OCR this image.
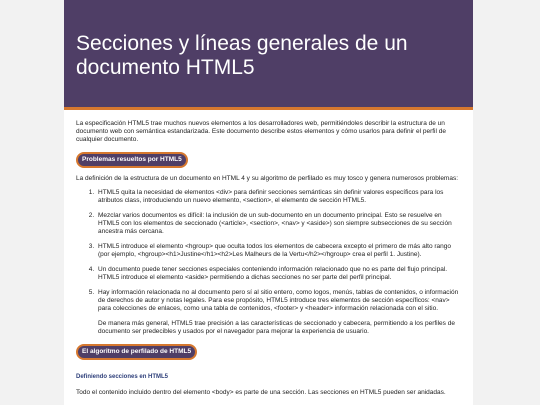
Secciones y líneas generales de un documento HTML5

La especificación HTML5 trae muchos nuevos elementos a los desarrolladores web, permitiéndoles describir la estructura de un documento web con semántica estandarizada. Este documento describe estos elementos y cómo usarlos para definir el perfil de cualquier documento.

Problemas resueltos por HTML5

La definición de la estructura de un documento en HTML 4 y su algoritmo de perfilado es muy tosco y genera numerosos problemas:

1. HTML5 quita la necesidad de elementos <div> para definir secciones semánticas sin definir valores específicos para los atributos class, introduciendo un nuevo elemento, <section>, el elemento de sección HTML5.
2. Mezclar varios documentos es difícil: la inclusión de un sub-documento en un documento principal. Esto se resuelve en HTML5 con los elementos de seccionado (<article>, <section>, <nav> y <aside>) son siempre subsecciones de su sección ancestra más cercana.
3. HTML5 introduce el elemento <hgroup> que oculta todos los elementos de cabecera excepto el primero de más alto rango (por ejemplo, <hgroup><h1>Justine</h1><h2>Les Malheurs de la Vertu</h2></hgroup> crea el perfil 1. Justine).
4. Un documento puede tener secciones especiales conteniendo información relacionado que no es parte del flujo principal. HTML5 introduce el elemento <aside> permitiendo a dichas secciones no ser parte del perfil principal.
5. Hay información relacionada no al documento pero sí al sitio entero, como logos, menús, tablas de contenidos, o información de derechos de autor y notas legales. Para ese propósito, HTML5 introduce tres elementos de sección específicos: <nav> para colecciones de enlaces, como una tabla de contenidos, <footer> y <header> información relacionada con el sitio.

De manera más general, HTML5 trae precisión a las características de seccionado y cabecera, permitiendo a los perfiles de documento ser predecibles y usados por el navegador para mejorar la experiencia de usuario.

El algoritmo de perfilado de HTML5
Definiendo secciones en HTML5

Todo el contenido incluido dentro del elemento <body> es parte de una sección. Las secciones en HTML5 pueden ser anidadas.
